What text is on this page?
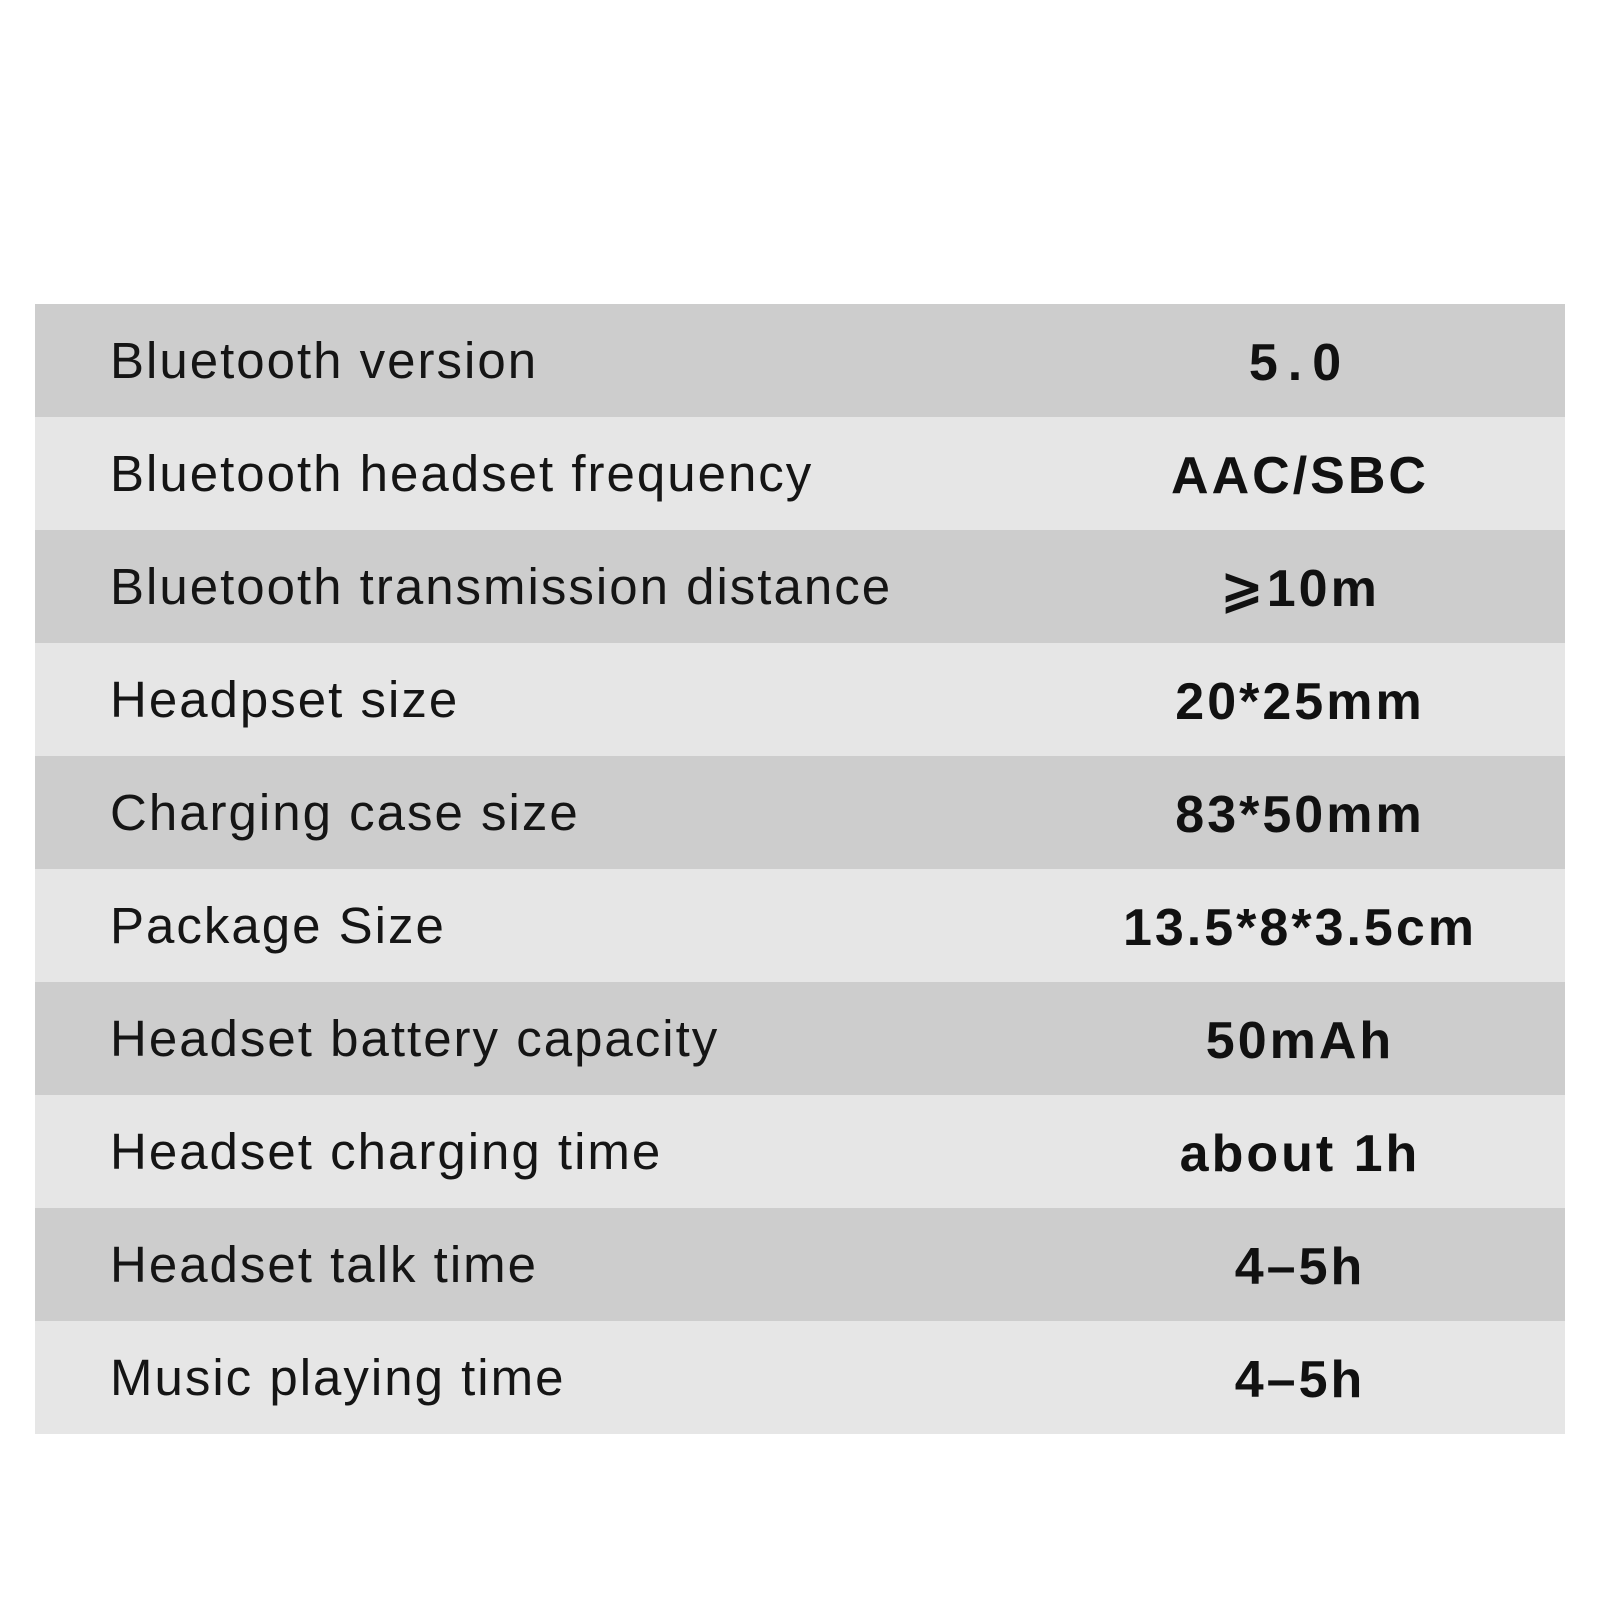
Bluetooth version	5.0
Bluetooth headset frequency	AAC/SBC
Bluetooth transmission distance	⩾10m
Headpset size	20*25mm
Charging case size	83*50mm
Package Size	13.5*8*3.5cm
Headset battery capacity	50mAh
Headset charging time	about 1h
Headset talk time	4–5h
Music playing time	4–5h
